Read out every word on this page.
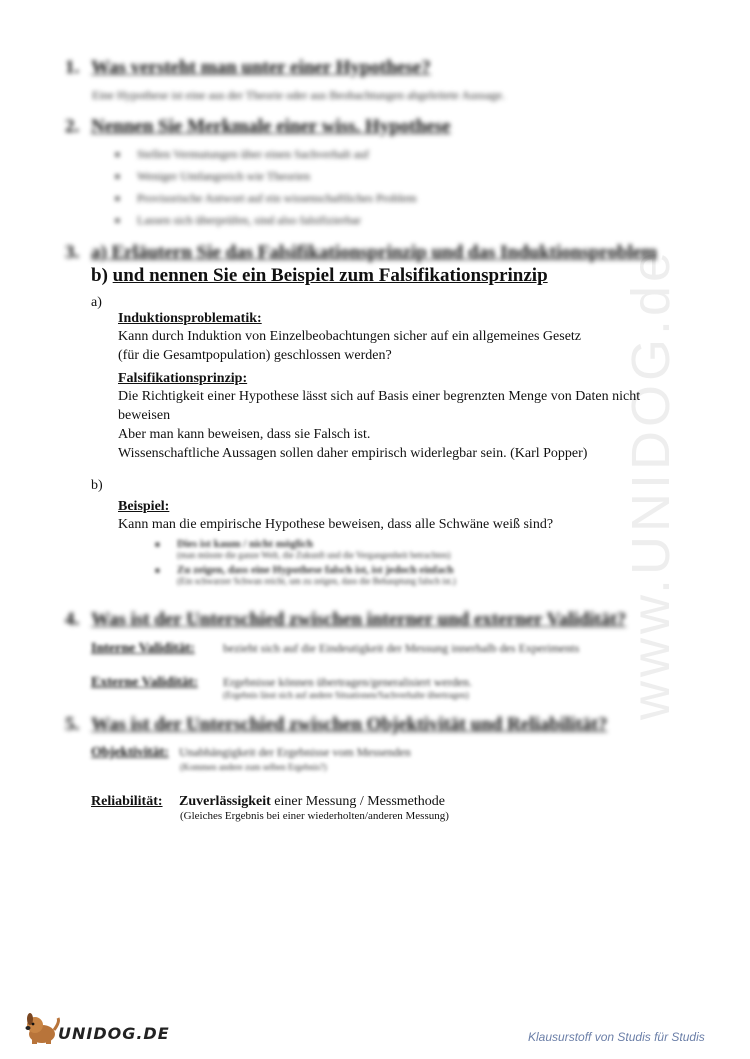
www.UNIDOG.de
1. Was versteht man unter einer Hypothese?
Eine Hypothese ist eine aus der Theorie oder aus Beobachtungen abgeleitete Aussage.
2. Nennen Sie Merkmale einer wiss. Hypothese
■ Stellen Vermutungen über einen Sachverhalt auf
■ Weniger Umfangreich wie Theorien
■ Provisorische Antwort auf ein wissenschaftliches Problem
■ Lassen sich überprüfen, sind also falsifizierbar
3. a) Erläutern Sie das Falsifikationsprinzip und das Induktionsproblem
b) und nennen Sie ein Beispiel zum Falsifikationsprinzip
a)
Induktionsproblematik:
Kann durch Induktion von Einzelbeobachtungen sicher auf ein allgemeines Gesetz
(für die Gesamtpopulation) geschlossen werden?
Falsifikationsprinzip:
Die Richtigkeit einer Hypothese lässt sich auf Basis einer begrenzten Menge von Daten nicht
beweisen
Aber man kann beweisen, dass sie Falsch ist.
Wissenschaftliche Aussagen sollen daher empirisch widerlegbar sein. (Karl Popper)
b)
Beispiel:
Kann man die empirische Hypothese beweisen, dass alle Schwäne weiß sind?
■ Dies ist kaum / nicht möglich
(man müsste die ganze Welt, die Zukunft und die Vergangenheit betrachten)
■ Zu zeigen, dass eine Hypothese falsch ist, ist jedoch einfach
(Ein schwarzer Schwan reicht, um zu zeigen, dass die Behauptung falsch ist.)
4. Was ist der Unterschied zwischen interner und externer Validität?
Interne Validität: bezieht sich auf die Eindeutigkeit der Messung innerhalb des Experiments
Externe Validität: Ergebnisse können übertragen/generalisiert werden.
(Ergebnis lässt sich auf andere Situationen/Sachverhalte übertragen)
5. Was ist der Unterschied zwischen Objektivität und Reliabilität?
Objektivität: Unabhängigkeit der Ergebnisse vom Messenden
(Kommen andere zum selben Ergebnis?)
Reliabilität: Zuverlässigkeit einer Messung / Messmethode
(Gleiches Ergebnis bei einer wiederholten/anderen Messung)
UNIDOG.DE	Klausurstoff von Studis für Studis
